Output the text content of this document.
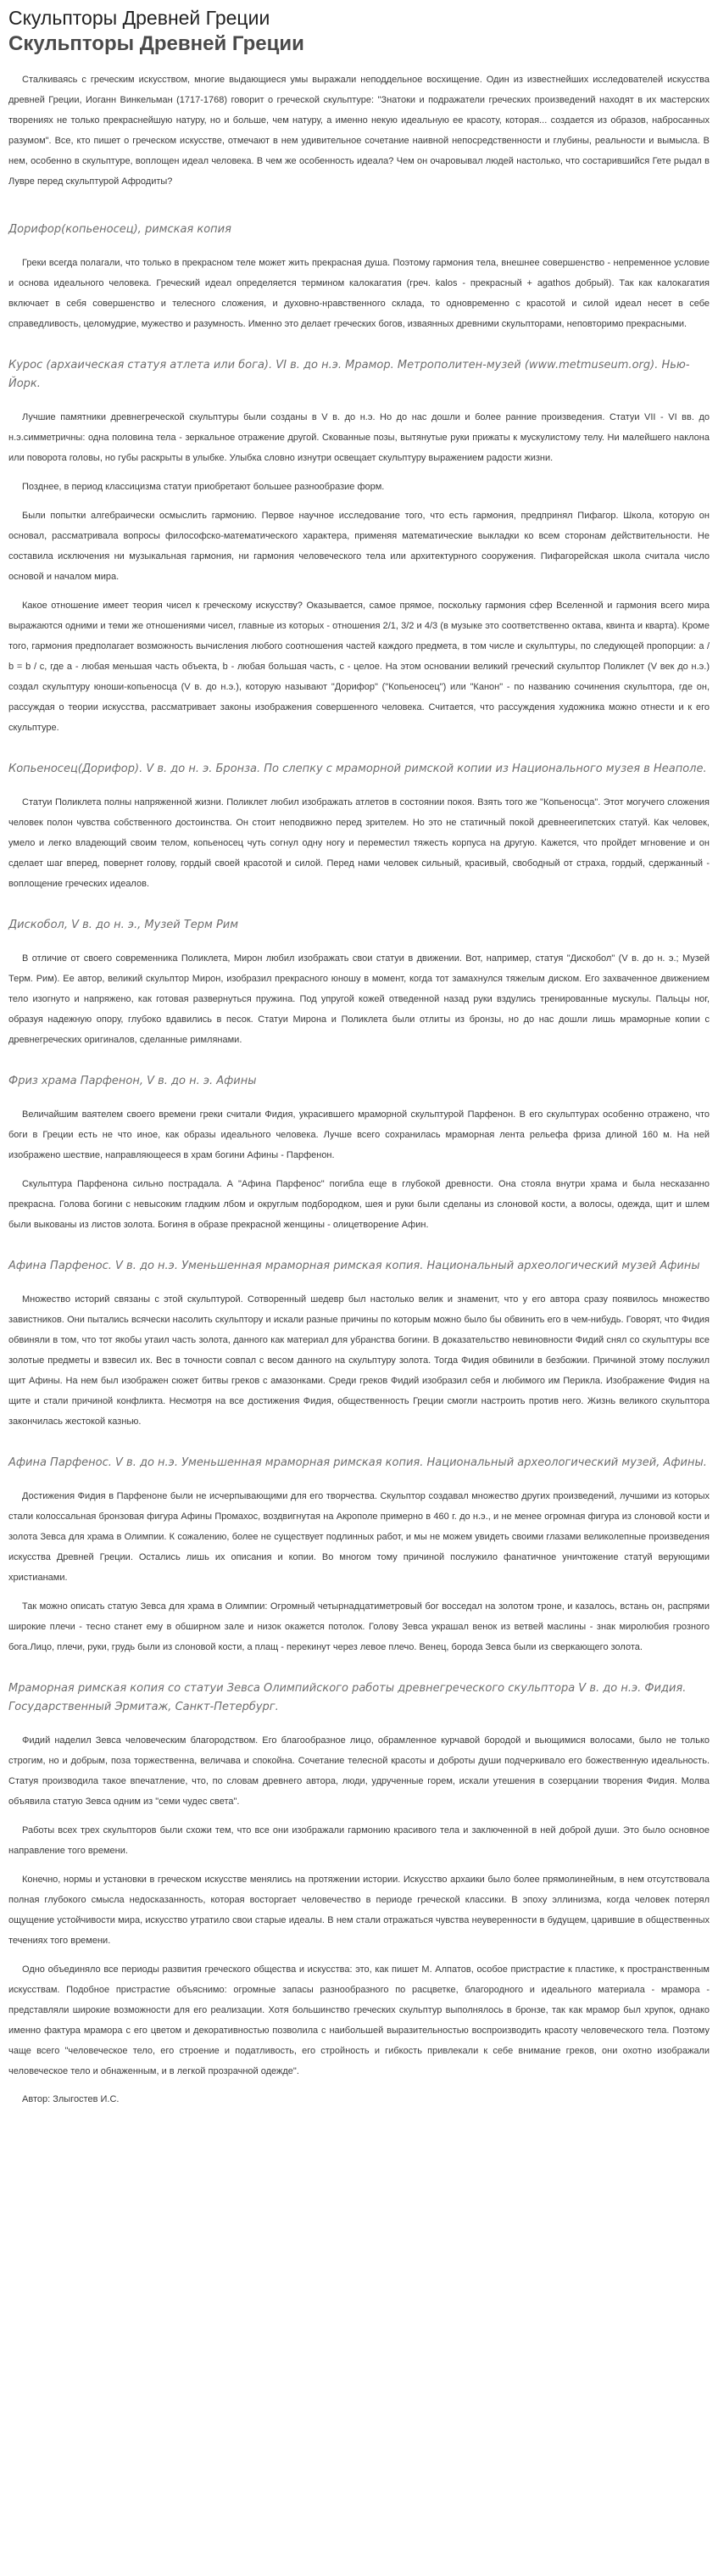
Скульпторы Древней Греции
Скульпторы Древней Греции

Сталкиваясь с греческим искусством, многие выдающиеся умы выражали неподдельное восхищение. Один из известнейших исследователей искусства древней Греции, Иоганн Винкельман (1717-1768) говорит о греческой скульптуре: "Знатоки и подражатели греческих произведений находят в их мастерских творениях не только прекраснейшую натуру, но и больше, чем натуру, а именно некую идеальную ее красоту, которая... создается из образов, набросанных разумом". Все, кто пишет о греческом искусстве, отмечают в нем удивительное сочетание наивной непосредственности и глубины, реальности и вымысла. В нем, особенно в скульптуре, воплощен идеал человека. В чем же особенность идеала? Чем он очаровывал людей настолько, что состарившийся Гете рыдал в Лувре перед скульптурой Афродиты?

Дорифор(копьеносец), римская копия

Греки всегда полагали, что только в прекрасном теле может жить прекрасная душа. Поэтому гармония тела, внешнее совершенство - непременное условие и основа идеального человека. Греческий идеал определяется термином калокагатия (греч. kalos - прекрасный + agathos добрый). Так как калокагатия включает в себя совершенство и телесного сложения, и духовно-нравственного склада, то одновременно с красотой и силой идеал несет в себе справедливость, целомудрие, мужество и разумность. Именно это делает греческих богов, изваянных древними скульпторами, неповторимо прекрасными.

Курос (архаическая статуя атлета или бога). VI в. до н.э. Мрамор. Метрополитен-музей (www.metmuseum.org). Нью-Йорк.

Лучшие памятники древнегреческой скульптуры были созданы в V в. до н.э. Но до нас дошли и более ранние произведения. Статуи VII - VI вв. до н.э.симметричны: одна половина тела - зеркальное отражение другой. Скованные позы, вытянутые руки прижаты к мускулистому телу. Ни малейшего наклона или поворота головы, но губы раскрыты в улыбке. Улыбка словно изнутри освещает скульптуру выражением радости жизни.

Позднее, в период классицизма статуи приобретают большее разнообразие форм.

Были попытки алгебраически осмыслить гармонию. Первое научное исследование того, что есть гармония, предпринял Пифагор. Школа, которую он основал, рассматривала вопросы философско-математического характера, применяя математические выкладки ко всем сторонам действительности. Не составила исключения ни музыкальная гармония, ни гармония человеческого тела или архитектурного сооружения. Пифагорейская школа считала число основой и началом мира.

Какое отношение имеет теория чисел к греческому искусству? Оказывается, самое прямое, поскольку гармония сфер Вселенной и гармония всего мира выражаются одними и теми же отношениями чисел, главные из которых - отношения 2/1, 3/2 и 4/3 (в музыке это соответственно октава, квинта и кварта). Кроме того, гармония предполагает возможность вычисления любого соотношения частей каждого предмета, в том числе и скульптуры, по следующей пропорции: a / b = b / c, где a - любая меньшая часть объекта, b - любая большая часть, c - целое. На этом основании великий греческий скульптор Поликлет (V век до н.э.) создал скульптуру юноши-копьеносца (V в. до н.э.), которую называют "Дорифор" ("Копьеносец") или "Канон" - по названию сочинения скульптора, где он, рассуждая о теории искусства, рассматривает законы изображения совершенного человека. Считается, что рассуждения художника можно отнести и к его скульптуре.

Копьеносец(Дорифор). V в. до н. э. Бронза. По слепку с мраморной римской копии из Национального музея в Неаполе.

Статуи Поликлета полны напряженной жизни. Поликлет любил изображать атлетов в состоянии покоя. Взять того же "Копьеносца". Этот могучего сложения человек полон чувства собственного достоинства. Он стоит неподвижно перед зрителем. Но это не статичный покой древнеегипетских статуй. Как человек, умело и легко владеющий своим телом, копьеносец чуть согнул одну ногу и переместил тяжесть корпуса на другую. Кажется, что пройдет мгновение и он сделает шаг вперед, повернет голову, гордый своей красотой и силой. Перед нами человек сильный, красивый, свободный от страха, гордый, сдержанный - воплощение греческих идеалов.

Дискобол, V в. до н. э., Музей Терм Рим

В отличие от своего современника Поликлета, Мирон любил изображать свои статуи в движении. Вот, например, статуя "Дискобол" (V в. до н. э.; Музей Терм. Рим). Ее автор, великий скульптор Мирон, изобразил прекрасного юношу в момент, когда тот замахнулся тяжелым диском. Его захваченное движением тело изогнуто и напряжено, как готовая развернуться пружина. Под упругой кожей отведенной назад руки вздулись тренированные мускулы. Пальцы ног, образуя надежную опору, глубоко вдавились в песок. Статуи Мирона и Поликлета были отлиты из бронзы, но до нас дошли лишь мраморные копии с древнегреческих оригиналов, сделанные римлянами.

Фриз храма Парфенон, V в. до н. э. Афины

Величайшим ваятелем своего времени греки считали Фидия, украсившего мраморной скульптурой Парфенон. В его скульптурах особенно отражено, что боги в Греции есть не что иное, как образы идеального человека. Лучше всего сохранилась мраморная лента рельефа фриза длиной 160 м. На ней изображено шествие, направляющееся в храм богини Афины - Парфенон.

Скульптура Парфенона сильно пострадала. А "Афина Парфенос" погибла еще в глубокой древности. Она стояла внутри храма и была несказанно прекрасна. Голова богини с невысоким гладким лбом и округлым подбородком, шея и руки были сделаны из слоновой кости, а волосы, одежда, щит и шлем были выкованы из листов золота. Богиня в образе прекрасной женщины - олицетворение Афин.

Афина Парфенос. V в. до н.э. Уменьшенная мраморная римская копия. Национальный археологический музей Афины

Множество историй связаны с этой скульптурой. Сотворенный шедевр был настолько велик и знаменит, что у его автора сразу появилось множество завистников. Они пытались всячески насолить скульптору и искали разные причины по которым можно было бы обвинить его в чем-нибудь. Говорят, что Фидия обвиняли в том, что тот якобы утаил часть золота, данного как материал для убранства богини. В доказательство невиновности Фидий снял со скульптуры все золотые предметы и взвесил их. Вес в точности совпал с весом данного на скульптуру золота. Тогда Фидия обвинили в безбожии. Причиной этому послужил щит Афины. На нем был изображен сюжет битвы греков с амазонками. Среди греков Фидий изобразил себя и любимого им Перикла. Изображение Фидия на щите и стали причиной конфликта. Несмотря на все достижения Фидия, общественность Греции смогли настроить против него. Жизнь великого скульптора закончилась жестокой казнью.

Афина Парфенос. V в. до н.э. Уменьшенная мраморная римская копия. Национальный археологический музей, Афины.

Достижения Фидия в Парфеноне были не исчерпывающими для его творчества. Скульптор создавал множество других произведений, лучшими из которых стали колоссальная бронзовая фигура Афины Промахос, воздвигнутая на Акрополе примерно в 460 г. до н.э., и не менее огромная фигура из слоновой кости и золота Зевса для храма в Олимпии. К сожалению, более не существует подлинных работ, и мы не можем увидеть своими глазами великолепные произведения искусства Древней Греции. Остались лишь их описания и копии. Во многом тому причиной послужило фанатичное уничтожение статуй верующими христианами.

Так можно описать статую Зевса для храма в Олимпии: Огромный четырнадцатиметровый бог восседал на золотом троне, и казалось, встань он, распрями широкие плечи - тесно станет ему в обширном зале и низок окажется потолок. Голову Зевса украшал венок из ветвей маслины - знак миролюбия грозного бога.Лицо, плечи, руки, грудь были из слоновой кости, а плащ - перекинут через левое плечо. Венец, борода Зевса были из сверкающего золота.

Мраморная римская копия со статуи Зевса Олимпийского работы древнегреческого скульптора V в. до н.э. Фидия. Государственный Эрмитаж, Санкт-Петербург.

Фидий наделил Зевса человеческим благородством. Его благообразное лицо, обрамленное курчавой бородой и вьющимися волосами, было не только строгим, но и добрым, поза торжественна, величава и спокойна. Сочетание телесной красоты и доброты души подчеркивало его божественную идеальность. Статуя производила такое впечатление, что, по словам древнего автора, люди, удрученные горем, искали утешения в созерцании творения Фидия. Молва объявила статую Зевса одним из "семи чудес света".

Работы всех трех скульпторов были схожи тем, что все они изображали гармонию красивого тела и заключенной в ней доброй души. Это было основное направление того времени.

Конечно, нормы и установки в греческом искусстве менялись на протяжении истории. Искусство архаики было более прямолинейным, в нем отсутствовала полная глубокого смысла недосказанность, которая восторгает человечество в периоде греческой классики. В эпоху эллинизма, когда человек потерял ощущение устойчивости мира, искусство утратило свои старые идеалы. В нем стали отражаться чувства неуверенности в будущем, царившие в общественных течениях того времени.

Одно объединяло все периоды развития греческого общества и искусства: это, как пишет М. Алпатов, особое пристрастие к пластике, к пространственным искусствам. Подобное пристрастие объяснимо: огромные запасы разнообразного по расцветке, благородного и идеального материала - мрамора - представляли широкие возможности для его реализации. Хотя большинство греческих скульптур выполнялось в бронзе, так как мрамор был хрупок, однако именно фактура мрамора с его цветом и декоративностью позволила с наибольшей выразительностью воспроизводить красоту человеческого тела. Поэтому чаще всего "человеческое тело, его строение и податливость, его стройность и гибкость привлекали к себе внимание греков, они охотно изображали человеческое тело и обнаженным, и в легкой прозрачной одежде".

Автор: Злыгостев И.С.
